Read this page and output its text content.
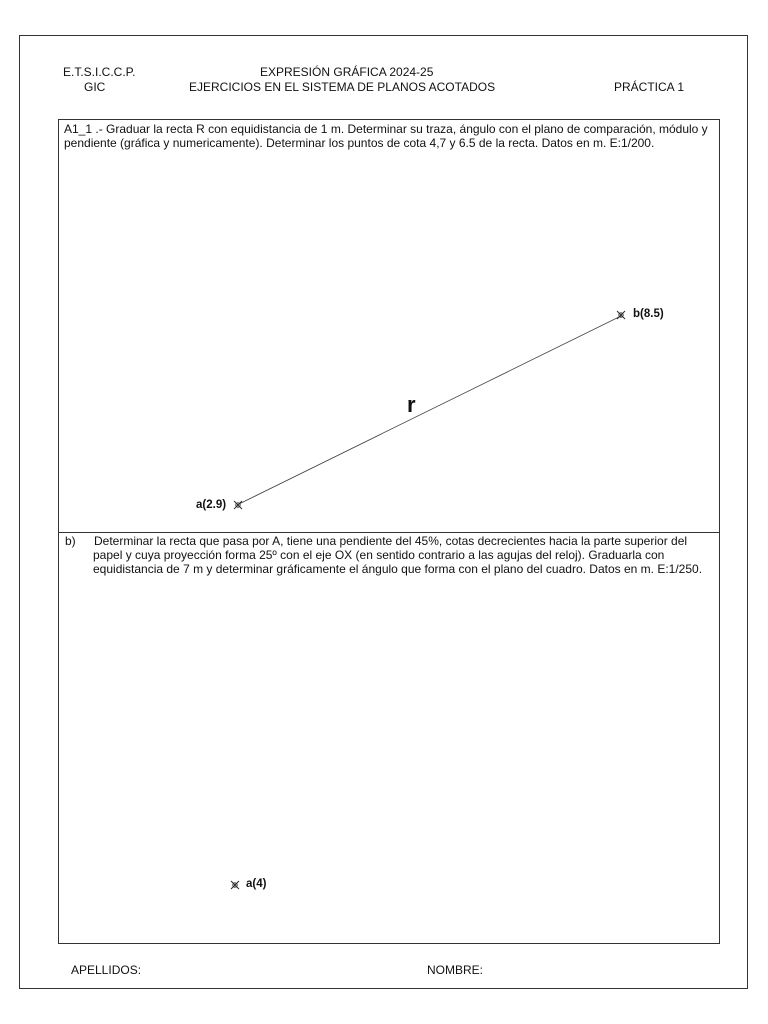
E.T.S.I.C.C.P.
GIC
EXPRESIÓN GRÁFICA 2024-25
EJERCICIOS EN EL SISTEMA DE PLANOS ACOTADOS	PRÁCTICA 1
A1_1 .- Graduar la recta R con equidistancia de 1 m. Determinar su traza, ángulo con el plano de comparación, módulo y pendiente (gráfica y numericamente). Determinar los puntos de cota 4,7 y 6.5 de la recta. Datos en m. E:1/200.
b) Determinar la recta que pasa por A, tiene una pendiente del 45%, cotas decrecientes hacia la parte superior del papel y cuya proyección forma 25º con el eje OX (en sentido contrario a las agujas del reloj). Graduarla con equidistancia de 7 m y determinar gráficamente el ángulo que forma con el plano del cuadro. Datos en m. E:1/250.
r
a(2.9)
b(8.5)
a(4)
APELLIDOS:	NOMBRE:
